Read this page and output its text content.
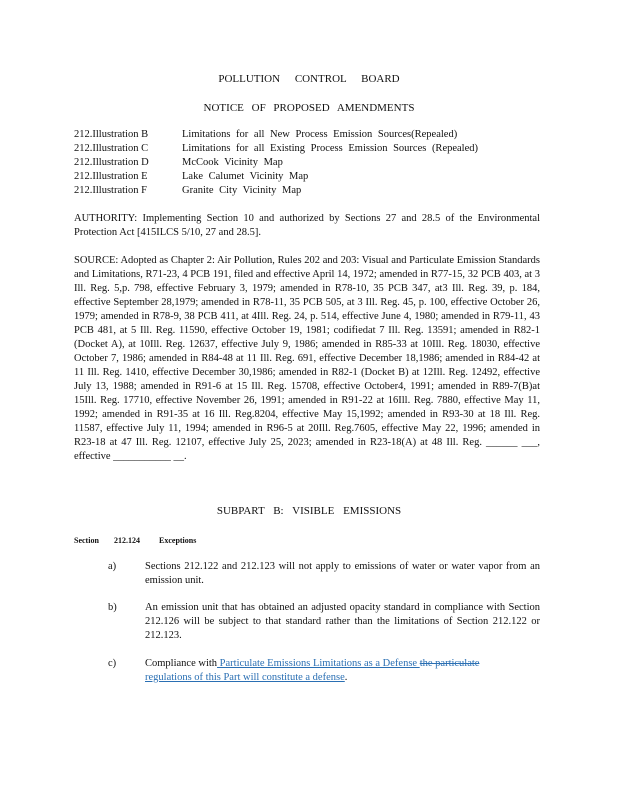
POLLUTION CONTROL BOARD
NOTICE OF PROPOSED AMENDMENTS
212.Illustration B	Limitations for all New Process Emission Sources(Repealed)
212.Illustration C	Limitations for all Existing Process Emission Sources (Repealed)
212.Illustration D	McCook Vicinity Map
212.Illustration E	Lake Calumet Vicinity Map
212.Illustration F	Granite City Vicinity Map
AUTHORITY: Implementing Section 10 and authorized by Sections 27 and 28.5 of the Environmental Protection Act [415ILCS 5/10, 27 and 28.5].
SOURCE: Adopted as Chapter 2: Air Pollution, Rules 202 and 203: Visual and Particulate Emission Standards and Limitations, R71-23, 4 PCB 191, filed and effective April 14, 1972; amended in R77-15, 32 PCB 403, at 3 Ill. Reg. 5,p. 798, effective February 3, 1979; amended in R78-10, 35 PCB 347, at3 Ill. Reg. 39, p. 184, effective September 28,1979; amended in R78-11, 35 PCB 505, at 3 Ill. Reg. 45, p. 100, effective October 26, 1979; amended in R78-9, 38 PCB 411, at 4Ill. Reg. 24, p. 514, effective June 4, 1980; amended in R79-11, 43 PCB 481, at 5 Ill. Reg. 11590, effective October 19, 1981; codifiedat 7 Ill. Reg. 13591; amended in R82-1 (Docket A), at 10Ill. Reg. 12637, effective July 9, 1986; amended in R85-33 at 10Ill. Reg. 18030, effective October 7, 1986; amended in R84-48 at 11 Ill. Reg. 691, effective December 18,1986; amended in R84-42 at 11 Ill. Reg. 1410, effective December 30,1986; amended in R82-1 (Docket B) at 12Ill. Reg. 12492, effective July 13, 1988; amended in R91-6 at 15 Ill. Reg. 15708, effective October4, 1991; amended in R89-7(B)at 15Ill. Reg. 17710, effective November 26, 1991; amended in R91-22 at 16Ill. Reg. 7880, effective May 11, 1992; amended in R91-35 at 16 Ill. Reg.8204, effective May 15,1992; amended in R93-30 at 18 Ill. Reg. 11587, effective July 11, 1994; amended in R96-5 at 20Ill. Reg.7605, effective May 22, 1996; amended in R23-18 at 47 Ill. Reg. 12107, effective July 25, 2023; amended in R23-18(A) at 48 Ill. Reg. ______ ___, effective ___________ __.
SUBPART B: VISIBLE EMISSIONS
Section	212.124	Exceptions
a)	Sections 212.122 and 212.123 will not apply to emissions of water or water vapor from an emission unit.
b)	An emission unit that has obtained an adjusted opacity standard in compliance with Section 212.126 will be subject to that standard rather than the limitations of Section 212.122 or 212.123.
c)	Compliance with Particulate Emissions Limitations as a Defense the particulate
regulations of this Part will constitute a defense.
